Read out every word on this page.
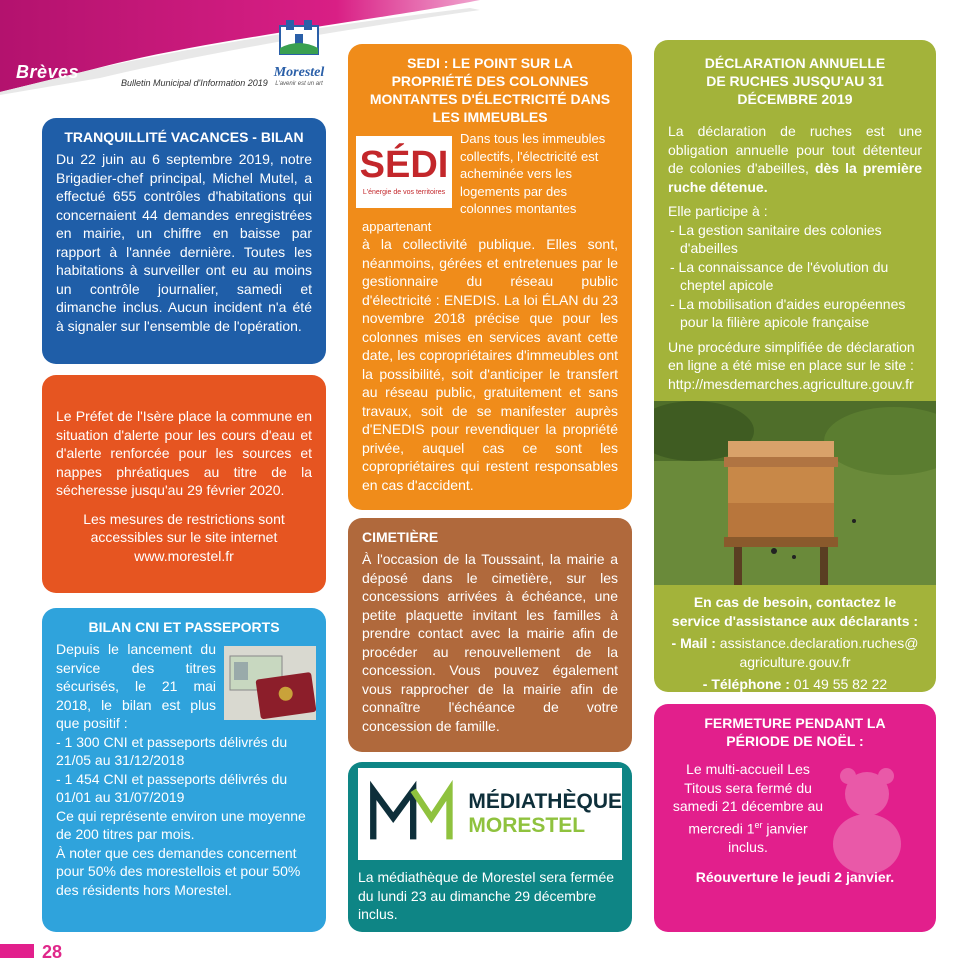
Brèves
Bulletin Municipal d'Information 2019
Morestel
L'avenir est un art
TRANQUILLITÉ VACANCES - BILAN

Du 22 juin au 6 septembre 2019, notre Brigadier-chef principal, Michel Mutel, a effectué 655 contrôles d'habitations qui concernaient 44 demandes enregistrées en mairie, un chiffre en baisse par rapport à l'année dernière. Toutes les habitations à surveiller ont eu au moins un contrôle journalier, samedi et dimanche inclus. Aucun incident n'a été à signaler sur l'ensemble de l'opération.

Le Préfet de l'Isère place la commune en situation d'alerte pour les cours d'eau et d'alerte renforcée pour les sources et nappes phréatiques au titre de la sécheresse jusqu'au 29 février 2020.

Les mesures de restrictions sont accessibles sur le site internet www.morestel.fr

BILAN CNI ET PASSEPORTS

Depuis le lancement du service des titres sécurisés, le 21 mai 2018, le bilan est plus que positif :

- 1 300 CNI et passeports délivrés du 21/05 au 31/12/2018

- 1 454 CNI et passeports délivrés du 01/01 au 31/07/2019

Ce qui représente environ une moyenne de 200 titres par mois.

À noter que ces demandes concernent pour 50% des morestellois et pour 50% des résidents hors Morestel.

SEDI : LE POINT SUR LA PROPRIÉTÉ DES COLONNES MONTANTES D'ÉLECTRICITÉ DANS LES IMMEUBLES
SÉDI
L'énergie de vos territoires

Dans tous les immeubles collectifs, l'électricité est acheminée vers les logements par des colonnes montantes appartenant

à la collectivité publique. Elles sont, néanmoins, gérées et entretenues par le gestionnaire du réseau public d'électricité : ENEDIS. La loi ÉLAN du 23 novembre 2018 précise que pour les colonnes mises en services avant cette date, les copropriétaires d'immeubles ont la possibilité, soit d'anticiper le transfert au réseau public, gratuitement et sans travaux, soit de se manifester auprès d'ENEDIS pour revendiquer la propriété privée, auquel cas ce sont les copropriétaires qui restent responsables en cas d'accident.

CIMETIÈRE

À l'occasion de la Toussaint, la mairie a déposé dans le cimetière, sur les concessions arrivées à échéance, une petite plaquette invitant les familles à prendre contact avec la mairie afin de procéder au renouvellement de la concession. Vous pouvez également vous rapprocher de la mairie afin de connaître l'échéance de votre concession de famille.

MÉDIATHÈQUE
MORESTEL

La médiathèque de Morestel sera fermée du lundi 23 au dimanche 29 décembre inclus.

DÉCLARATION ANNUELLE DE RUCHES JUSQU'AU 31 DÉCEMBRE 2019

La déclaration de ruches est une obligation annuelle pour tout détenteur de colonies d'abeilles, dès la première ruche détenue.

Elle participe à :

- La gestion sanitaire des colonies d'abeilles
- La connaissance de l'évolution du cheptel apicole
- La mobilisation d'aides européennes pour la filière apicole française

Une procédure simplifiée de déclaration en ligne a été mise en place sur le site : http://mesdemarches.agriculture.gouv.fr

En cas de besoin, contactez le service d'assistance aux déclarants :

- Mail : assistance.declaration.ruches@ agriculture.gouv.fr

- Téléphone : 01 49 55 82 22

FERMETURE PENDANT LA PÉRIODE DE NOËL :

Le multi-accueil Les Titous sera fermé du samedi 21 décembre au mercredi 1er janvier inclus.

Réouverture le jeudi 2 janvier.

28
